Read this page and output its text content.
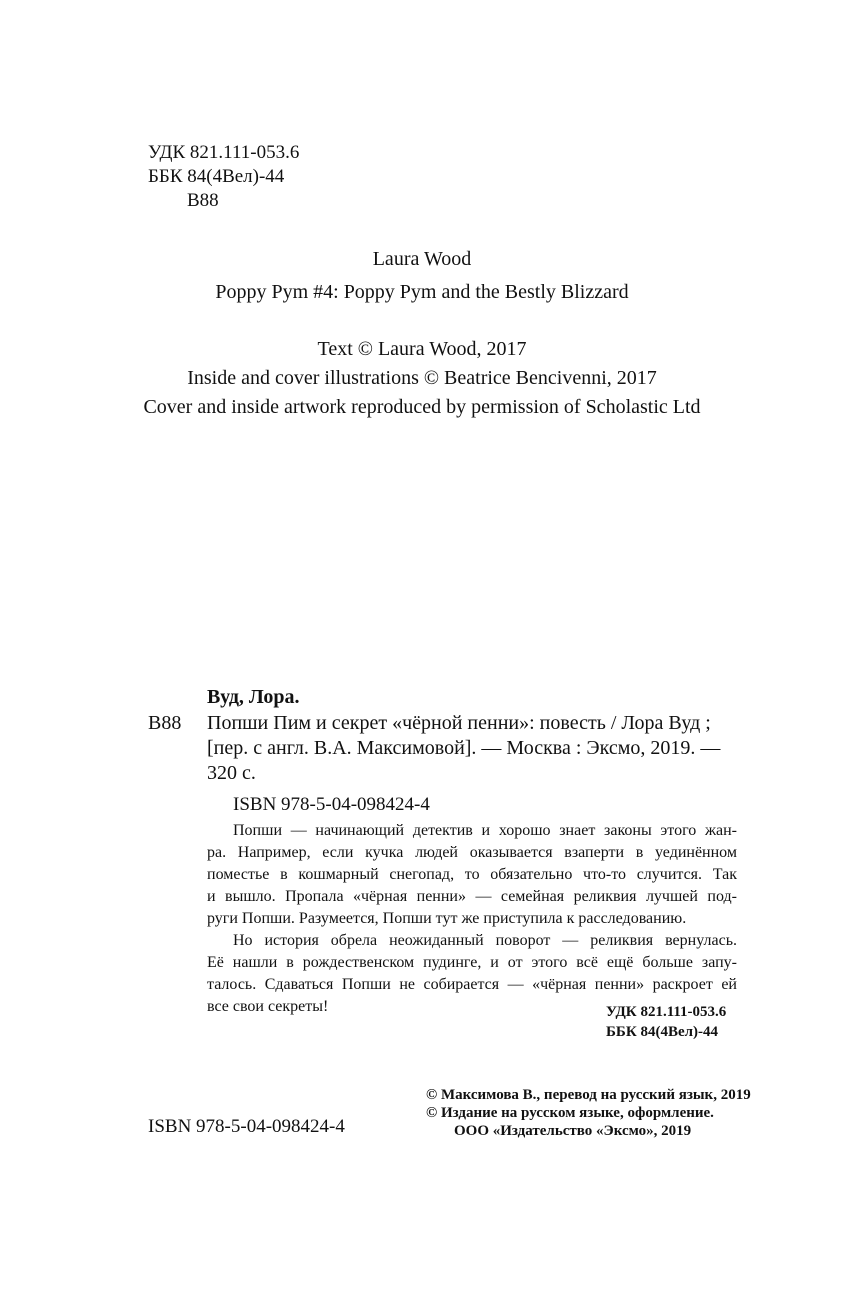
УДК 821.111-053.6
ББК 84(4Вел)-44
В88
Laura Wood
Poppy Pym #4: Poppy Pym and the Bestly Blizzard
Text © Laura Wood, 2017
Inside and cover illustrations © Beatrice Bencivenni, 2017
Cover and inside artwork reproduced by permission of Scholastic Ltd
Вуд, Лора.
В88 Попши Пим и секрет «чёрной пенни»: повесть / Лора Вуд ;
[пер. с англ. В.А. Максимовой]. — Москва : Эксмо, 2019. —
320 с.
ISBN 978-5-04-098424-4
Попши — начинающий детектив и хорошо знает законы этого жан-
ра. Например, если кучка людей оказывается взаперти в уединённом
поместье в кошмарный снегопад, то обязательно что-то случится. Так
и вышло. Пропала «чёрная пенни» — семейная реликвия лучшей под-
руги Попши. Разумеется, Попши тут же приступила к расследованию.
Но история обрела неожиданный поворот — реликвия вернулась.
Её нашли в рождественском пудинге, и от этого всё ещё больше запу-
талось. Сдаваться Попши не собирается — «чёрная пенни» раскроет ей
все свои секреты!	УДК 821.111-053.6
ББК 84(4Вел)-44
ISBN 978-5-04-098424-4
© Максимова В., перевод на русский язык, 2019
© Издание на русском языке, оформление.
ООО «Издательство «Эксмо», 2019
